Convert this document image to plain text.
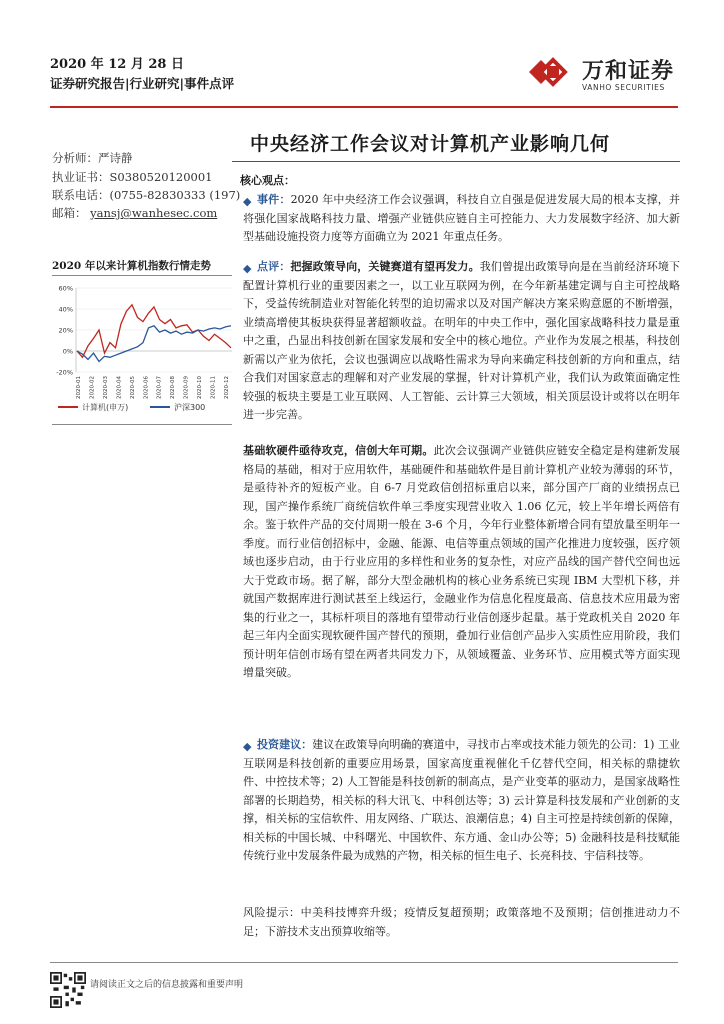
2020 年 12 月 28 日
证券研究报告|行业研究|事件点评	万和证券
VANHO SECURITIES
中央经济工作会议对计算机产业影响几何
分析师：严诗静
执业证书：S0380520120001
联系电话：(0755-82830333 (197)
邮箱： yansj@wanhesec.com
2020 年以来计算机指数行情走势
60%
40%
20%
0%
-20%
2020-01 2020-02 2020-03 2020-04 2020-05 2020-06 2020-07 2020-08 2020-09 2020-10 2020-11 2020-12
计算机(申万)	沪深300
核心观点：
◆ 事件：2020 年中央经济工作会议强调，科技自立自强是促进发展大局的根本支撑，并将强化国家战略科技力量、增强产业链供应链自主可控能力、大力发展数字经济、加大新型基础设施投资力度等方面确立为 2021 年重点任务。
◆ 点评：把握政策导向，关键赛道有望再发力。我们曾提出政策导向是在当前经济环境下配置计算机行业的重要因素之一，以工业互联网为例，在今年新基建定调与自主可控战略下，受益传统制造业对智能化转型的迫切需求以及对国产解决方案采购意愿的不断增强，业绩高增使其板块获得显著超额收益。在明年的中央工作中，强化国家战略科技力量是重中之重，凸显出科技创新在国家发展和安全中的核心地位。产业作为发展之根基，科技创新需以产业为依托，会议也强调应以战略性需求为导向来确定科技创新的方向和重点，结合我们对国家意志的理解和对产业发展的掌握，针对计算机产业，我们认为政策面确定性较强的板块主要是工业互联网、人工智能、云计算三大领域，相关顶层设计或将以在明年进一步完善。
基础软硬件亟待攻克，信创大年可期。此次会议强调产业链供应链安全稳定是构建新发展格局的基础，相对于应用软件，基础硬件和基础软件是目前计算机产业较为薄弱的环节，是亟待补齐的短板产业。自 6-7 月党政信创招标重启以来，部分国产厂商的业绩拐点已现，国产操作系统厂商统信软件单三季度实现营业收入 1.06 亿元，较上半年增长两倍有余。鉴于软件产品的交付周期一般在 3-6 个月，今年行业整体新增合同有望放量至明年一季度。而行业信创招标中，金融、能源、电信等重点领域的国产化推进力度较强，医疗领域也逐步启动，由于行业应用的多样性和业务的复杂性，对应产品线的国产替代空间也远大于党政市场。据了解，部分大型金融机构的核心业务系统已实现 IBM 大型机下移，并就国产数据库进行测试甚至上线运行，金融业作为信息化程度最高、信息技术应用最为密集的行业之一，其标杆项目的落地有望带动行业信创逐步起量。基于党政机关自 2020 年起三年内全面实现软硬件国产替代的预期，叠加行业信创产品步入实质性应用阶段，我们预计明年信创市场有望在两者共同发力下，从领域覆盖、业务环节、应用模式等方面实现增量突破。
◆ 投资建议：建议在政策导向明确的赛道中，寻找市占率或技术能力领先的公司：1) 工业互联网是科技创新的重要应用场景，国家高度重视催化千亿替代空间，相关标的鼎捷软件、中控技术等；2) 人工智能是科技创新的制高点，是产业变革的驱动力，是国家战略性部署的长期趋势，相关标的科大讯飞、中科创达等；3) 云计算是科技发展和产业创新的支撑，相关标的宝信软件、用友网络、广联达、浪潮信息；4) 自主可控是持续创新的保障，相关标的中国长城、中科曙光、中国软件、东方通、金山办公等；5) 金融科技是科技赋能传统行业中发展条件最为成熟的产物，相关标的恒生电子、长亮科技、宇信科技等。
风险提示：中美科技博弈升级；疫情反复超预期；政策落地不及预期；信创推进动力不足；下游技术支出预算收缩等。
请阅读正文之后的信息披露和重要声明
